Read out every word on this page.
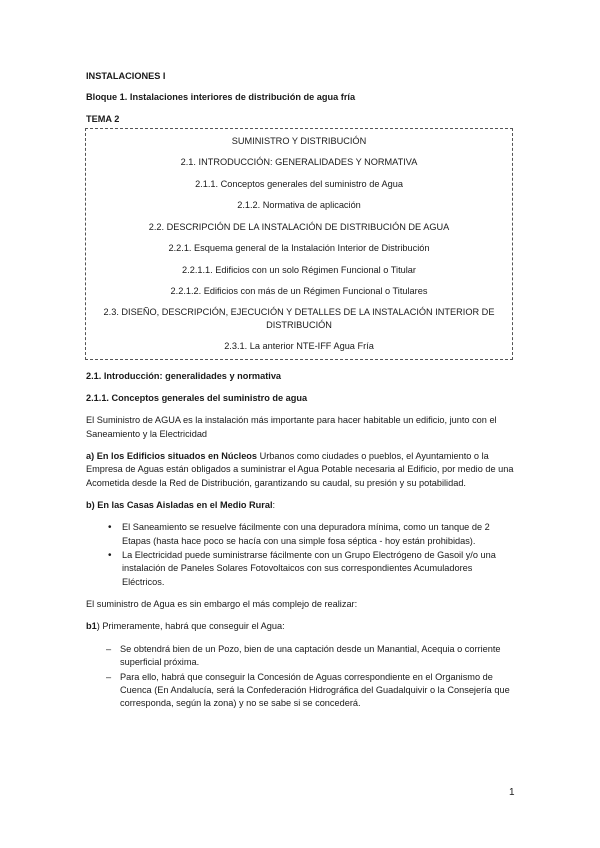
INSTALACIONES I
Bloque 1. Instalaciones interiores de distribución de agua fría
TEMA 2
SUMINISTRO Y DISTRIBUCIÓN
2.1. INTRODUCCIÓN: GENERALIDADES Y NORMATIVA
2.1.1. Conceptos generales del suministro de Agua
2.1.2. Normativa de aplicación
2.2. DESCRIPCIÓN DE LA INSTALACIÓN DE DISTRIBUCIÓN DE AGUA
2.2.1. Esquema general de la Instalación Interior de Distribución
2.2.1.1. Edificios con un solo Régimen Funcional o Titular
2.2.1.2. Edificios con más de un Régimen Funcional o Titulares
2.3. DISEÑO, DESCRIPCIÓN, EJECUCIÓN Y DETALLES DE LA INSTALACIÓN INTERIOR DE DISTRIBUCIÓN
2.3.1. La anterior NTE-IFF Agua Fría

2.1. Introducción: generalidades y normativa

2.1.1. Conceptos generales del suministro de agua

El Suministro de AGUA es la instalación más importante para hacer habitable un edificio, junto con el Saneamiento y la Electricidad

a) En los Edificios situados en Núcleos Urbanos como ciudades o pueblos, el Ayuntamiento o la Empresa de Aguas están obligados a suministrar el Agua Potable necesaria al Edificio, por medio de una Acometida desde la Red de Distribución, garantizando su caudal, su presión y su potabilidad.

b) En las Casas Aisladas en el Medio Rural:

• El Saneamiento se resuelve fácilmente con una depuradora mínima, como un tanque de 2 Etapas (hasta hace poco se hacía con una simple fosa séptica - hoy están prohibidas).
• La Electricidad puede suministrarse fácilmente con un Grupo Electrógeno de Gasoil y/o una instalación de Paneles Solares Fotovoltaicos con sus correspondientes Acumuladores Eléctricos.

El suministro de Agua es sin embargo el más complejo de realizar:

b1) Primeramente, habrá que conseguir el Agua:

– Se obtendrá bien de un Pozo, bien de una captación desde un Manantial, Acequia o corriente superficial próxima.
– Para ello, habrá que conseguir la Concesión de Aguas correspondiente en el Organismo de Cuenca (En Andalucía, será la Confederación Hidrográfica del Guadalquivir o la Consejería que corresponda, según la zona) y no se sabe si se concederá.
1
